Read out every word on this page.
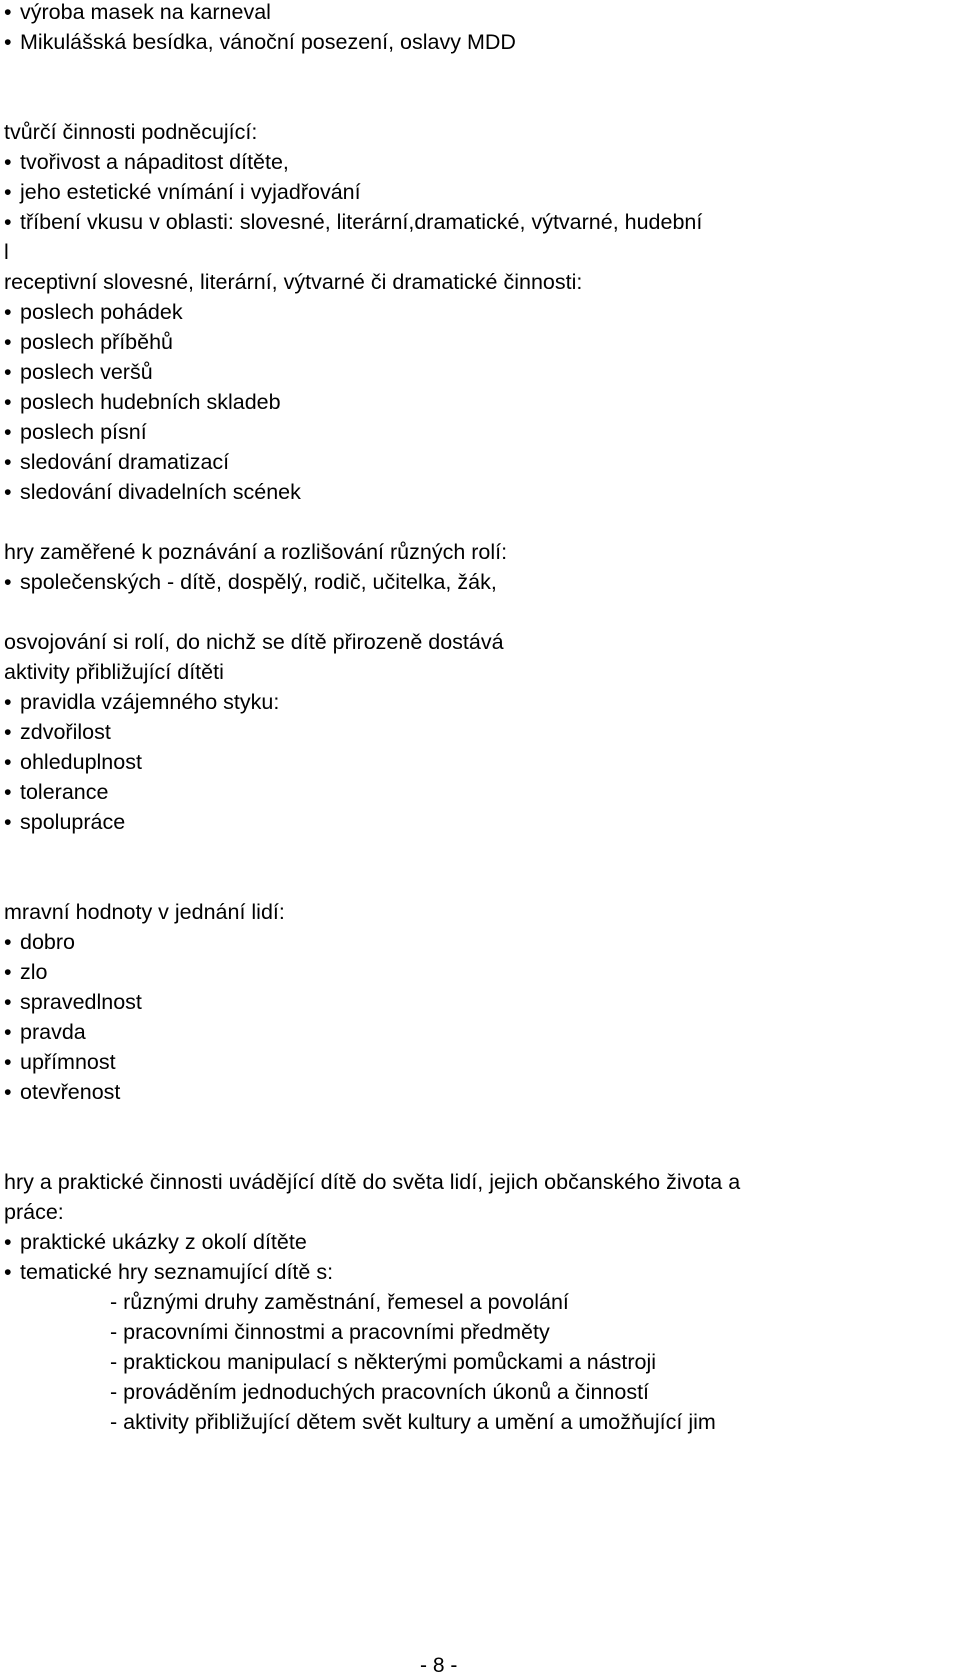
• výroba masek na karneval
• Mikulášská besídka, vánoční posezení, oslavy MDD
tvůrčí činnosti podněcující:
• tvořivost a nápaditost dítěte,
• jeho estetické vnímání i vyjadřování
• tříbení vkusu v oblasti: slovesné, literární,dramatické, výtvarné, hudební
l
receptivní slovesné, literární, výtvarné či dramatické činnosti:
• poslech pohádek
• poslech příběhů
• poslech veršů
• poslech hudebních skladeb
• poslech písní
• sledování dramatizací
• sledování divadelních scének
hry zaměřené k poznávání a rozlišování různých rolí:
• společenských - dítě, dospělý, rodič, učitelka, žák,
osvojování si rolí, do nichž se dítě přirozeně dostává
aktivity přibližující dítěti
• pravidla vzájemného styku:
• zdvořilost
• ohleduplnost
• tolerance
• spolupráce
mravní hodnoty v jednání lidí:
• dobro
• zlo
• spravedlnost
• pravda
• upřímnost
• otevřenost
hry a praktické činnosti uvádějící dítě do světa lidí, jejich občanského života a
práce:
• praktické ukázky z okolí dítěte
• tematické hry seznamující dítě s:
- různými druhy zaměstnání, řemesel a povolání
- pracovními činnostmi a pracovními předměty
- praktickou manipulací s některými pomůckami a nástroji
- prováděním jednoduchých pracovních úkonů a činností
- aktivity přibližující dětem svět kultury a umění a umožňující jim
- 8 -
